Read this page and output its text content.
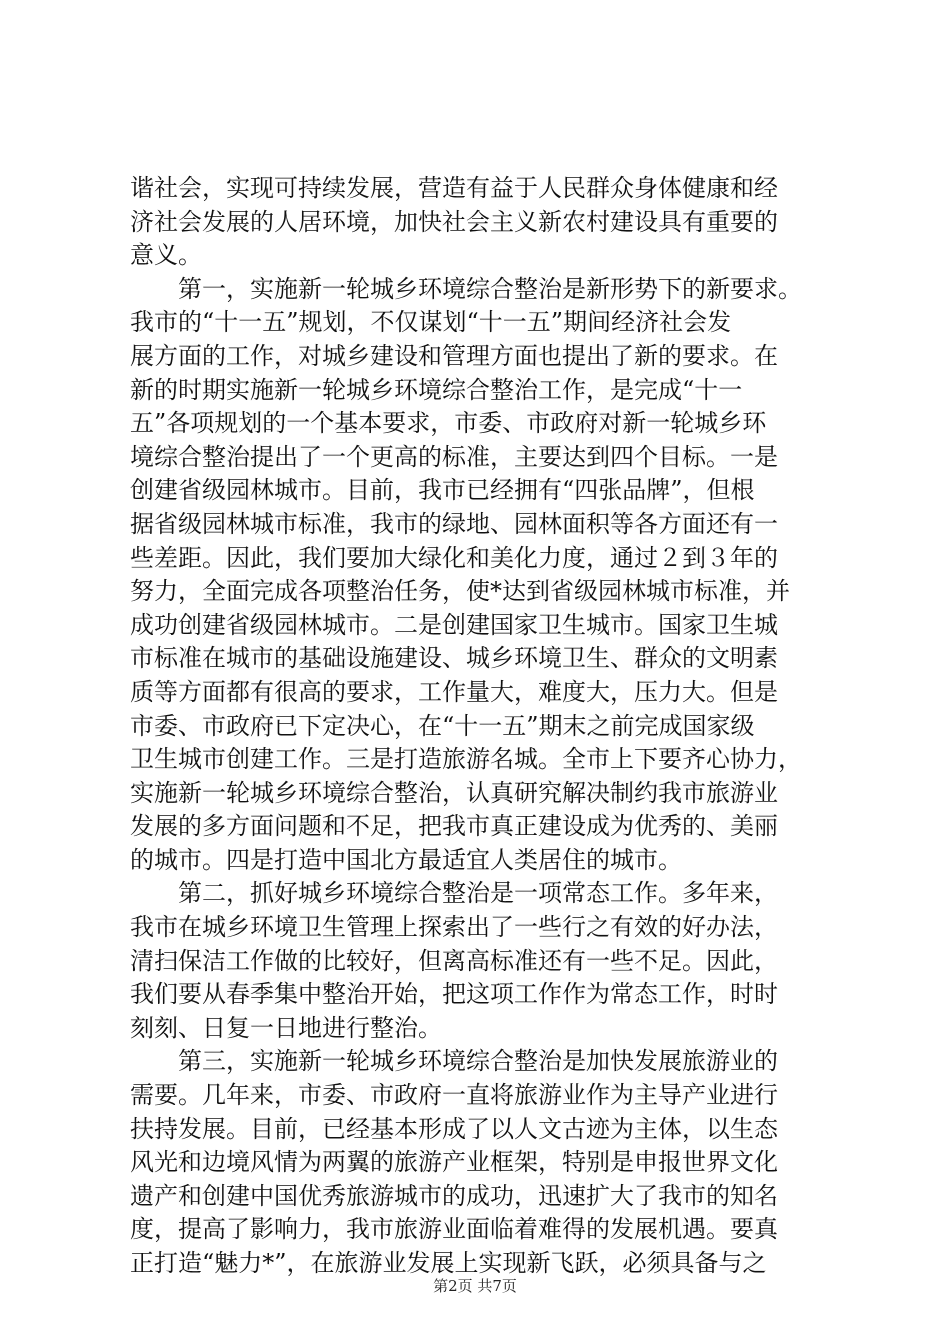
谐社会，实现可持续发展，营造有益于人民群众身体健康和经
济社会发展的人居环境，加快社会主义新农村建设具有重要的
意义。
第一，实施新一轮城乡环境综合整治是新形势下的新要求。
我市的“十一五”规划，不仅谋划“十一五”期间经济社会发
展方面的工作，对城乡建设和管理方面也提出了新的要求。在
新的时期实施新一轮城乡环境综合整治工作，是完成“十一
五”各项规划的一个基本要求，市委、市政府对新一轮城乡环
境综合整治提出了一个更高的标准，主要达到四个目标。一是
创建省级园林城市。目前，我市已经拥有“四张品牌”，但根
据省级园林城市标准，我市的绿地、园林面积等各方面还有一
些差距。因此，我们要加大绿化和美化力度，通过２到３年的
努力，全面完成各项整治任务，使*达到省级园林城市标准，并
成功创建省级园林城市。二是创建国家卫生城市。国家卫生城
市标准在城市的基础设施建设、城乡环境卫生、群众的文明素
质等方面都有很高的要求，工作量大，难度大，压力大。但是
市委、市政府已下定决心，在“十一五”期末之前完成国家级
卫生城市创建工作。三是打造旅游名城。全市上下要齐心协力，
实施新一轮城乡环境综合整治，认真研究解决制约我市旅游业
发展的多方面问题和不足，把我市真正建设成为优秀的、美丽
的城市。四是打造中国北方最适宜人类居住的城市。
第二，抓好城乡环境综合整治是一项常态工作。多年来，
我市在城乡环境卫生管理上探索出了一些行之有效的好办法，
清扫保洁工作做的比较好，但离高标准还有一些不足。因此，
我们要从春季集中整治开始，把这项工作作为常态工作，时时
刻刻、日复一日地进行整治。
第三，实施新一轮城乡环境综合整治是加快发展旅游业的
需要。几年来，市委、市政府一直将旅游业作为主导产业进行
扶持发展。目前，已经基本形成了以人文古迹为主体，以生态
风光和边境风情为两翼的旅游产业框架，特别是申报世界文化
遗产和创建中国优秀旅游城市的成功，迅速扩大了我市的知名
度，提高了影响力，我市旅游业面临着难得的发展机遇。要真
正打造“魅力*”，在旅游业发展上实现新飞跃，必须具备与之
第2页 共7页
